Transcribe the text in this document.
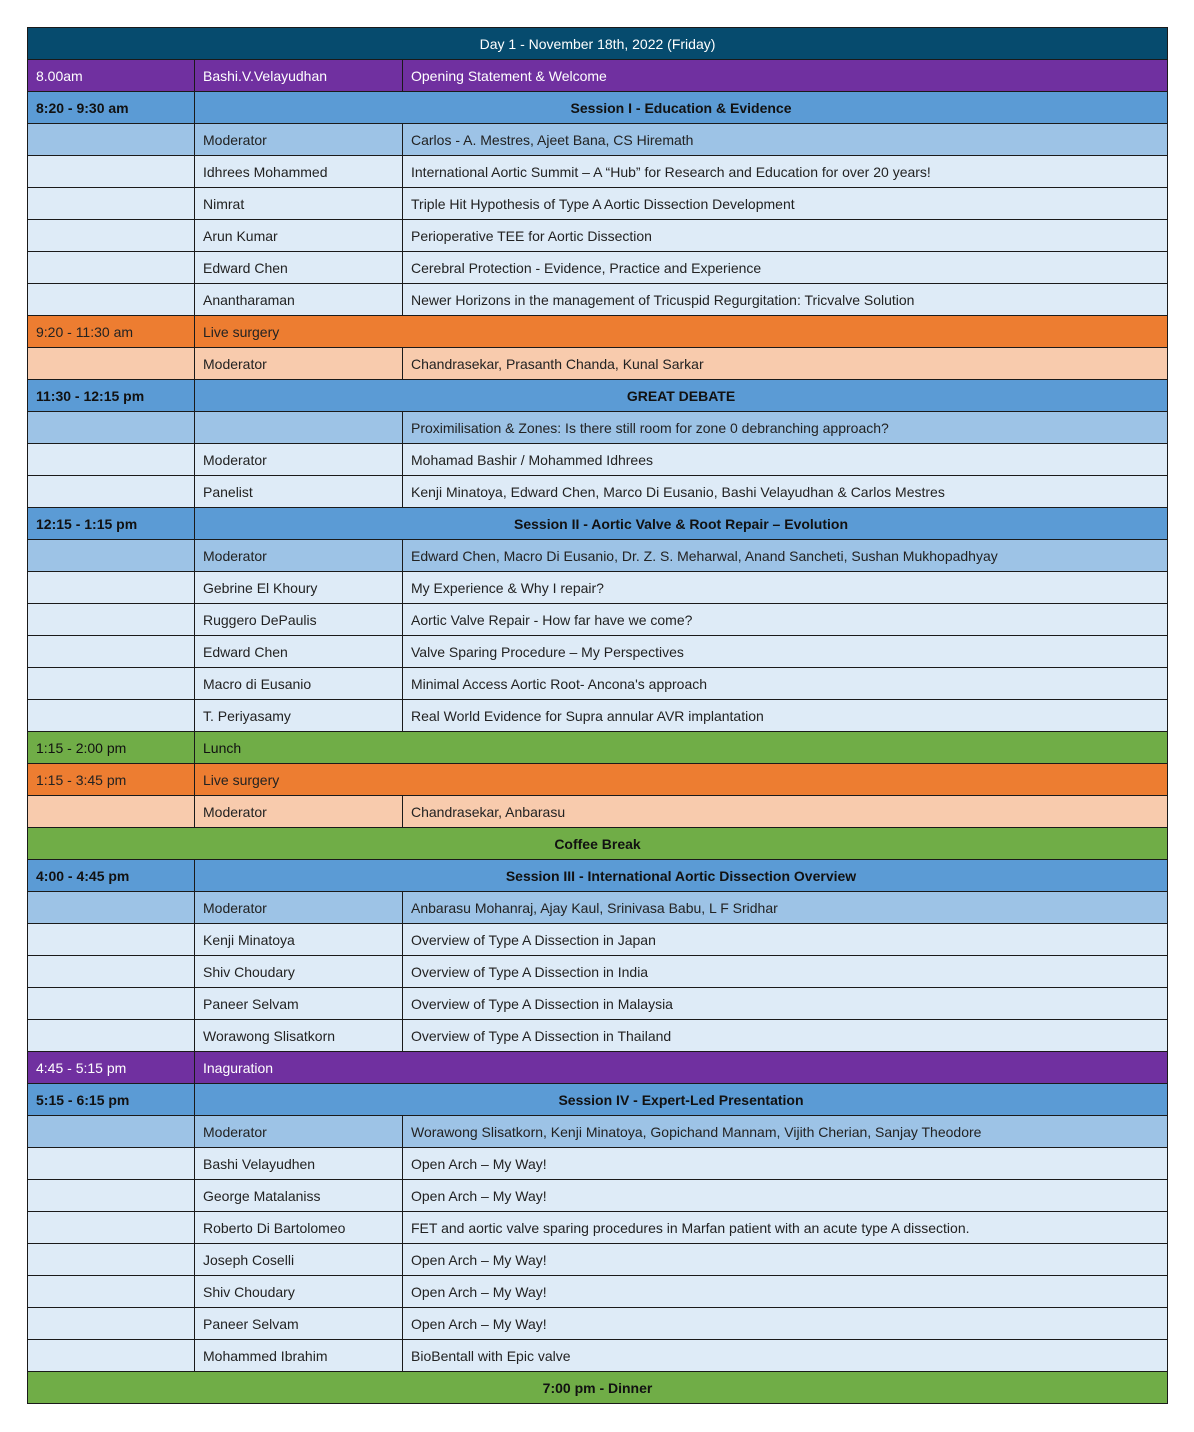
Day 1 - November 18th, 2022 (Friday)		
8.00am	Bashi.V.Velayudhan	Opening Statement & Welcome
8:20 - 9:30 am	Session I - Education & Evidence	
	Moderator	Carlos - A. Mestres, Ajeet Bana, CS Hiremath
	Idhrees Mohammed	International Aortic Summit – A “Hub” for Research and Education for over 20 years!
	Nimrat	Triple Hit Hypothesis of Type A Aortic Dissection Development
	Arun Kumar	Perioperative TEE for Aortic Dissection
	Edward Chen	Cerebral Protection - Evidence, Practice and Experience
	Anantharaman	Newer Horizons in the management of Tricuspid Regurgitation: Tricvalve Solution
9:20 - 11:30 am	Live surgery	
	Moderator	Chandrasekar, Prasanth Chanda, Kunal Sarkar
11:30 - 12:15 pm	GREAT DEBATE	
		Proximilisation & Zones: Is there still room for zone 0 debranching approach?
	Moderator	Mohamad Bashir / Mohammed Idhrees
	Panelist	Kenji Minatoya, Edward Chen, Marco Di Eusanio, Bashi Velayudhan & Carlos Mestres
12:15 - 1:15 pm	Session II - Aortic Valve & Root Repair – Evolution	
	Moderator	Edward Chen, Macro Di Eusanio, Dr. Z. S. Meharwal, Anand Sancheti, Sushan Mukhopadhyay
	Gebrine El Khoury	My Experience & Why I repair?
	Ruggero DePaulis	Aortic Valve Repair - How far have we come?
	Edward Chen	Valve Sparing Procedure – My Perspectives
	Macro di Eusanio	Minimal Access Aortic Root- Ancona's approach
	T. Periyasamy	Real World Evidence for Supra annular AVR implantation
1:15 - 2:00 pm	Lunch	
1:15 - 3:45 pm	Live surgery	
	Moderator	Chandrasekar, Anbarasu
Coffee Break		
4:00 - 4:45 pm	Session III - International Aortic Dissection Overview	
	Moderator	Anbarasu Mohanraj, Ajay Kaul, Srinivasa Babu, L F Sridhar
	Kenji Minatoya	Overview of Type A Dissection in Japan
	Shiv Choudary	Overview of Type A Dissection in India
	Paneer Selvam	Overview of Type A Dissection in Malaysia
	Worawong Slisatkorn	Overview of Type A Dissection in Thailand
4:45 - 5:15 pm	Inaguration	
5:15 - 6:15 pm	Session IV - Expert-Led Presentation	
	Moderator	Worawong Slisatkorn, Kenji Minatoya, Gopichand Mannam, Vijith Cherian, Sanjay Theodore
	Bashi Velayudhen	Open Arch – My Way!
	George Matalaniss	Open Arch – My Way!
	Roberto Di Bartolomeo	FET and aortic valve sparing procedures in Marfan patient with an acute type A dissection.
	Joseph Coselli	Open Arch – My Way!
	Shiv Choudary	Open Arch – My Way!
	Paneer Selvam	Open Arch – My Way!
	Mohammed Ibrahim	BioBentall with Epic valve
7:00 pm - Dinner		
